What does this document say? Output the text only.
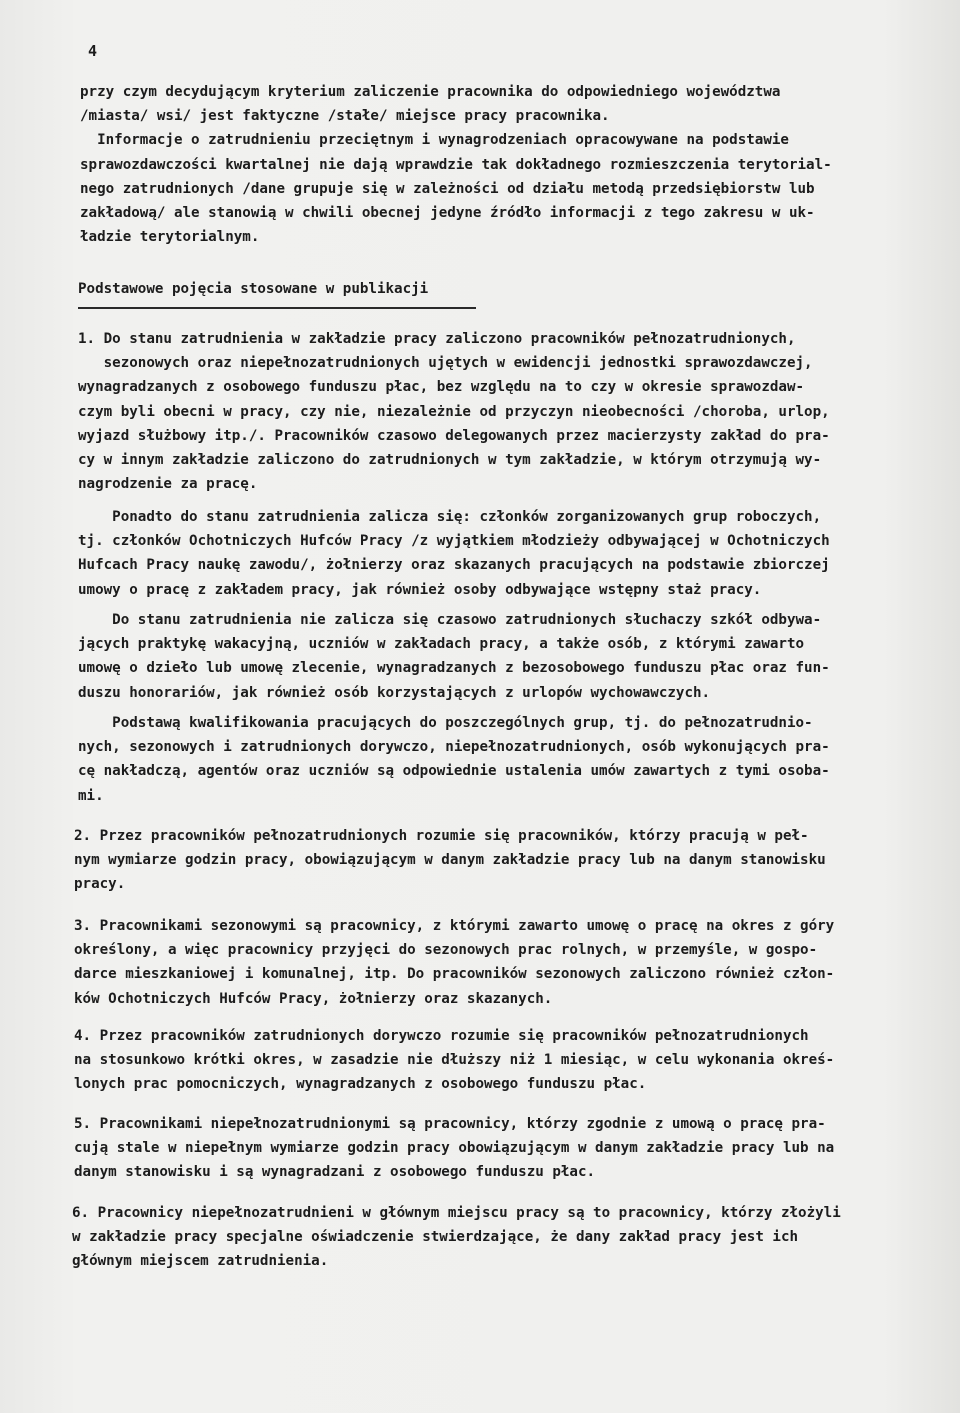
4
przy czym decydującym kryterium zaliczenie pracownika do odpowiedniego województwa
/miasta/ wsi/ jest faktyczne /stałe/ miejsce pracy pracownika.
Informacje o zatrudnieniu przeciętnym i wynagrodzeniach opracowywane na podstawie
sprawozdawczości kwartalnej nie dają wprawdzie tak dokładnego rozmieszczenia terytorial-
nego zatrudnionych /dane grupuje się w zależności od działu metodą przedsiębiorstw lub
zakładową/ ale stanowią w chwili obecnej jedyne źródło informacji z tego zakresu w uk-
ładzie terytorialnym.
Podstawowe pojęcia stosowane w publikacji
1. Do stanu zatrudnienia w zakładzie pracy zaliczono pracowników pełnozatrudnionych,
sezonowych oraz niepełnozatrudnionych ujętych w ewidencji jednostki sprawozdawczej,
wynagradzanych z osobowego funduszu płac, bez względu na to czy w okresie sprawozdaw-
czym byli obecni w pracy, czy nie, niezależnie od przyczyn nieobecności /choroba, urlop,
wyjazd służbowy itp./. Pracowników czasowo delegowanych przez macierzysty zakład do pra-
cy w innym zakładzie zaliczono do zatrudnionych w tym zakładzie, w którym otrzymują wy-
nagrodzenie za pracę.
Ponadto do stanu zatrudnienia zalicza się: członków zorganizowanych grup roboczych,
tj. członków Ochotniczych Hufców Pracy /z wyjątkiem młodzieży odbywającej w Ochotniczych
Hufcach Pracy naukę zawodu/, żołnierzy oraz skazanych pracujących na podstawie zbiorczej
umowy o pracę z zakładem pracy, jak również osoby odbywające wstępny staż pracy.
Do stanu zatrudnienia nie zalicza się czasowo zatrudnionych słuchaczy szkół odbywa-
jących praktykę wakacyjną, uczniów w zakładach pracy, a także osób, z którymi zawarto
umowę o dzieło lub umowę zlecenie, wynagradzanych z bezosobowego funduszu płac oraz fun-
duszu honorariów, jak również osób korzystających z urlopów wychowawczych.
Podstawą kwalifikowania pracujących do poszczególnych grup, tj. do pełnozatrudnio-
nych, sezonowych i zatrudnionych dorywczo, niepełnozatrudnionych, osób wykonujących pra-
cę nakładczą, agentów oraz uczniów są odpowiednie ustalenia umów zawartych z tymi osoba-
mi.
2. Przez pracowników pełnozatrudnionych rozumie się pracowników, którzy pracują w peł-
nym wymiarze godzin pracy, obowiązującym w danym zakładzie pracy lub na danym stanowisku
pracy.
3. Pracownikami sezonowymi są pracownicy, z którymi zawarto umowę o pracę na okres z góry
określony, a więc pracownicy przyjęci do sezonowych prac rolnych, w przemyśle, w gospo-
darce mieszkaniowej i komunalnej, itp. Do pracowników sezonowych zaliczono również człon-
ków Ochotniczych Hufców Pracy, żołnierzy oraz skazanych.
4. Przez pracowników zatrudnionych dorywczo rozumie się pracowników pełnozatrudnionych
na stosunkowo krótki okres, w zasadzie nie dłuższy niż 1 miesiąc, w celu wykonania okreś-
lonych prac pomocniczych, wynagradzanych z osobowego funduszu płac.
5. Pracownikami niepełnozatrudnionymi są pracownicy, którzy zgodnie z umową o pracę pra-
cują stale w niepełnym wymiarze godzin pracy obowiązującym w danym zakładzie pracy lub na
danym stanowisku i są wynagradzani z osobowego funduszu płac.
6. Pracownicy niepełnozatrudnieni w głównym miejscu pracy są to pracownicy, którzy złożyli
w zakładzie pracy specjalne oświadczenie stwierdzające, że dany zakład pracy jest ich
głównym miejscem zatrudnienia.
